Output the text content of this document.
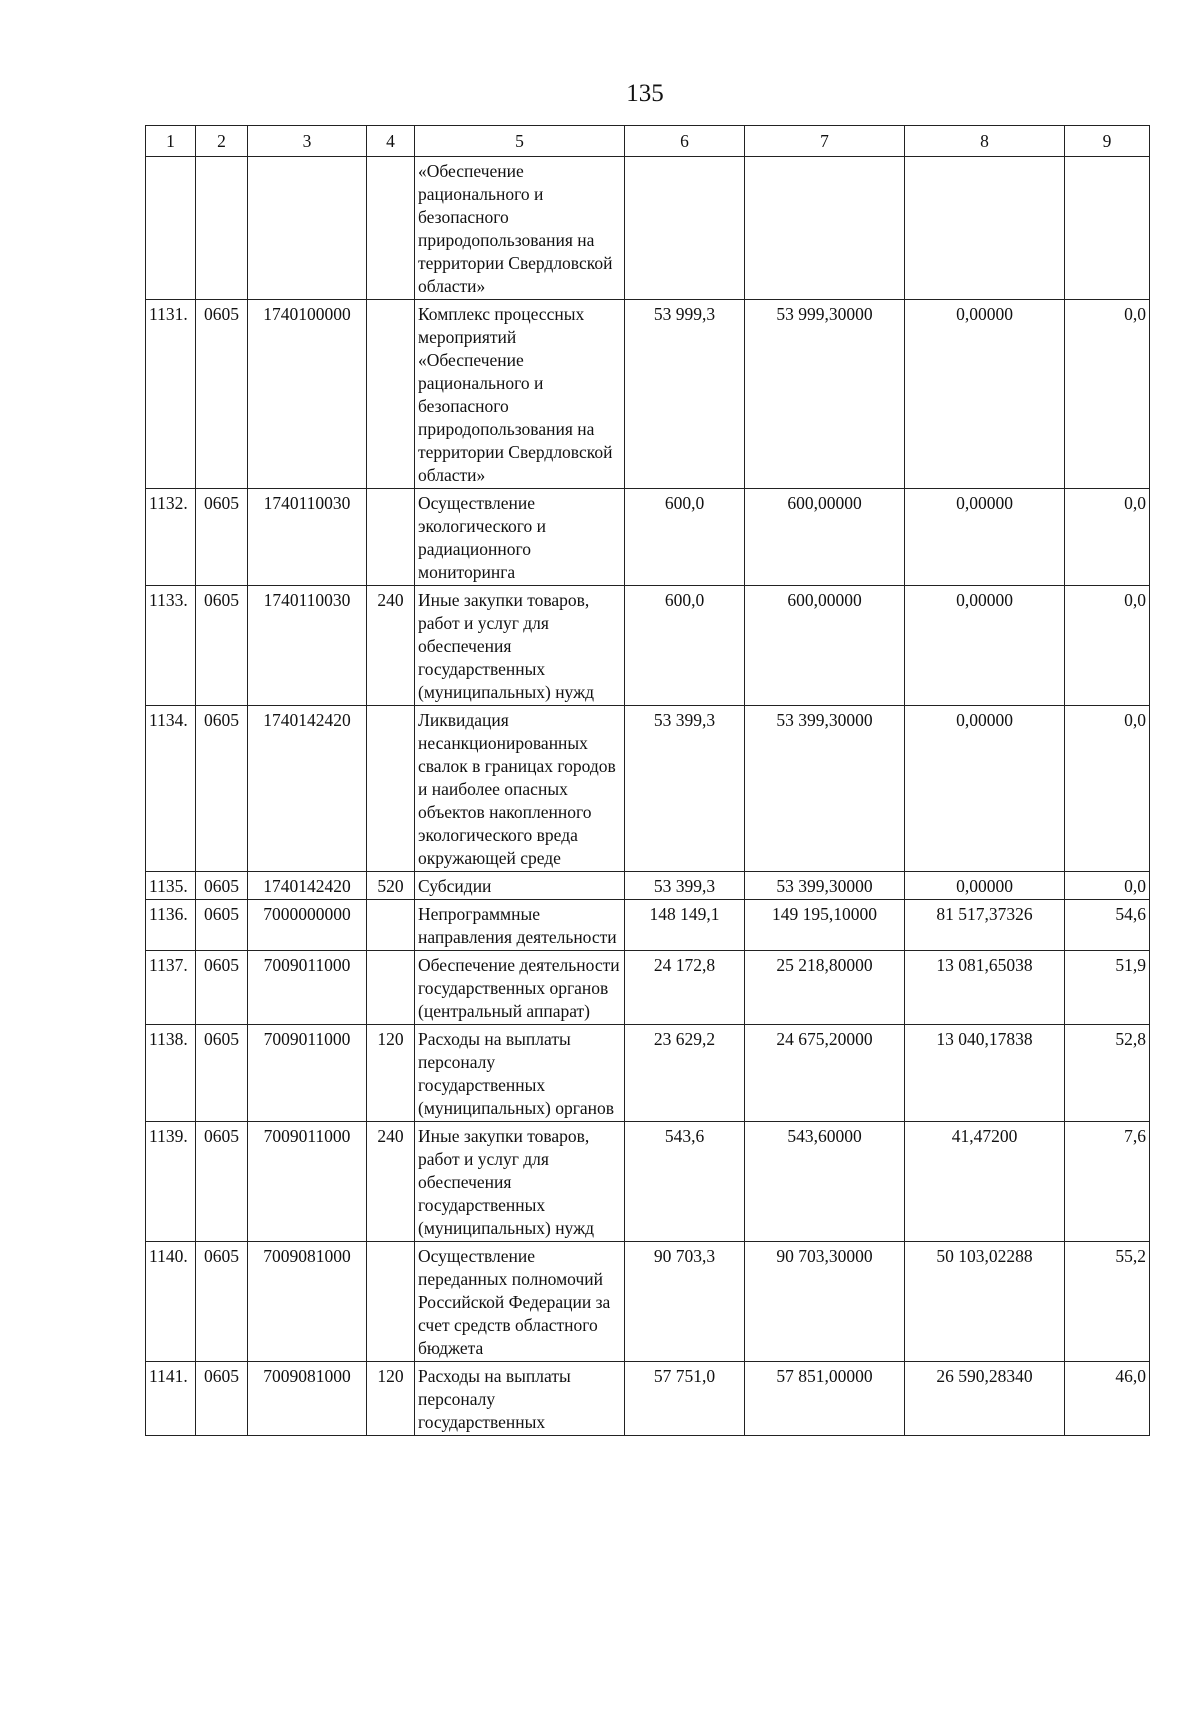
135
1	2	3	4	5	6	7	8	9
				«Обеспечение рационального и безопасного природопользования на территории Свердловской области»				
1131.	0605	1740100000		Комплекс процессных мероприятий «Обеспечение рационального и безопасного природопользования на территории Свердловской области»	53 999,3	53 999,30000	0,00000	0,0
1132.	0605	1740110030		Осуществление экологического и радиационного мониторинга	600,0	600,00000	0,00000	0,0
1133.	0605	1740110030	240	Иные закупки товаров, работ и услуг для обеспечения государственных (муниципальных) нужд	600,0	600,00000	0,00000	0,0
1134.	0605	1740142420		Ликвидация несанкционированных свалок в границах городов и наиболее опасных объектов накопленного экологического вреда окружающей среде	53 399,3	53 399,30000	0,00000	0,0
1135.	0605	1740142420	520	Субсидии	53 399,3	53 399,30000	0,00000	0,0
1136.	0605	7000000000		Непрограммные направления деятельности	148 149,1	149 195,10000	81 517,37326	54,6
1137.	0605	7009011000		Обеспечение деятельности государственных органов (центральный аппарат)	24 172,8	25 218,80000	13 081,65038	51,9
1138.	0605	7009011000	120	Расходы на выплаты персоналу государственных (муниципальных) органов	23 629,2	24 675,20000	13 040,17838	52,8
1139.	0605	7009011000	240	Иные закупки товаров, работ и услуг для обеспечения государственных (муниципальных) нужд	543,6	543,60000	41,47200	7,6
1140.	0605	7009081000		Осуществление переданных полномочий Российской Федерации за счет средств областного бюджета	90 703,3	90 703,30000	50 103,02288	55,2
1141.	0605	7009081000	120	Расходы на выплаты персоналу государственных	57 751,0	57 851,00000	26 590,28340	46,0
